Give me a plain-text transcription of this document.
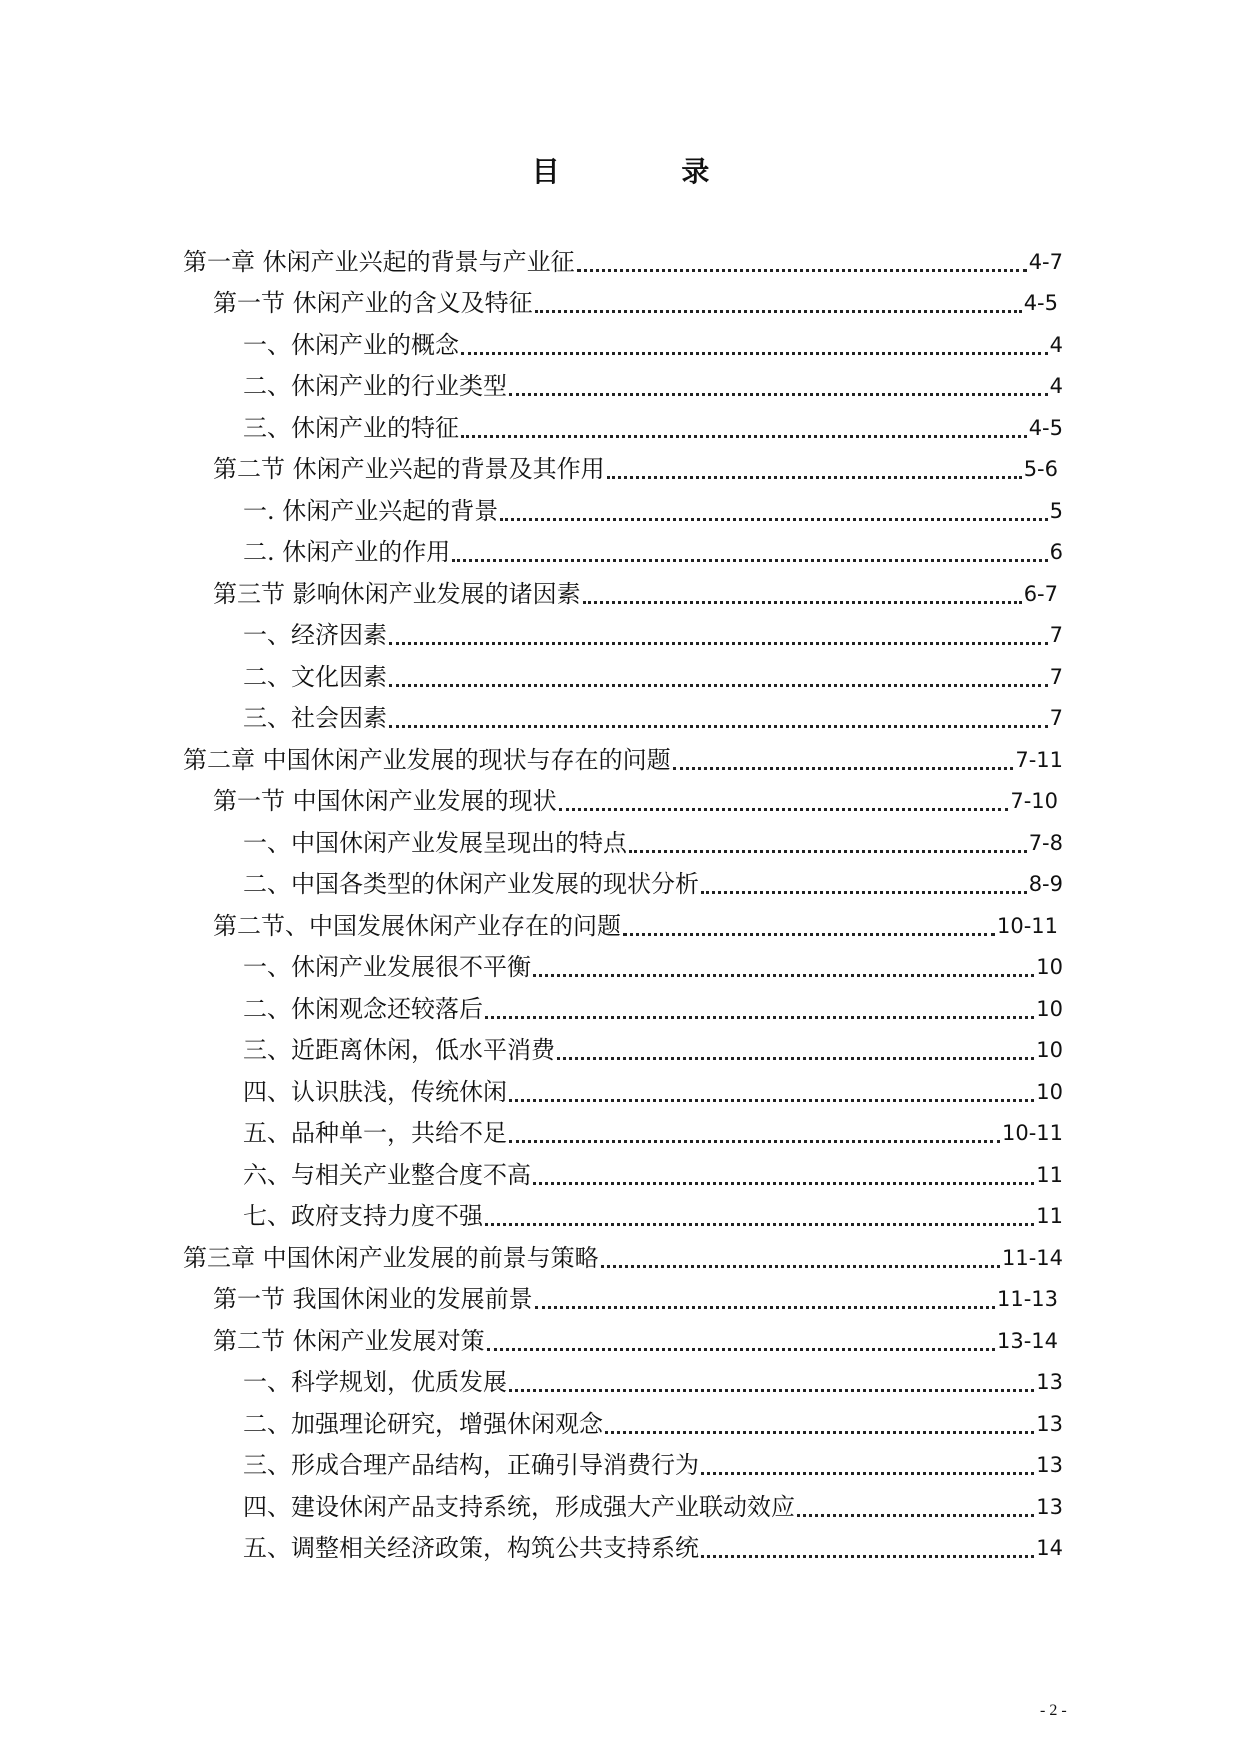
目 录
第一章 休闲产业兴起的背景与产业征	4-7
第一节 休闲产业的含义及特征	4-5
一、休闲产业的概念	4
二、休闲产业的行业类型	4
三、休闲产业的特征	4-5
第二节 休闲产业兴起的背景及其作用	5-6
一. 休闲产业兴起的背景	5
二. 休闲产业的作用	6
第三节 影响休闲产业发展的诸因素	6-7
一、经济因素	7
二、文化因素	7
三、社会因素	7
第二章 中国休闲产业发展的现状与存在的问题	7-11
第一节 中国休闲产业发展的现状	7-10
一、中国休闲产业发展呈现出的特点	7-8
二、中国各类型的休闲产业发展的现状分析	8-9
第二节、中国发展休闲产业存在的问题	10-11
一、休闲产业发展很不平衡	10
二、休闲观念还较落后	10
三、近距离休闲，低水平消费	10
四、认识肤浅，传统休闲	10
五、品种单一，共给不足	10-11
六、与相关产业整合度不高	11
七、政府支持力度不强	11
第三章 中国休闲产业发展的前景与策略	11-14
第一节 我国休闲业的发展前景	11-13
第二节 休闲产业发展对策	13-14
一、科学规划，优质发展	13
二、加强理论研究，增强休闲观念	13
三、形成合理产品结构，正确引导消费行为	13
四、建设休闲产品支持系统，形成强大产业联动效应	13
五、调整相关经济政策，构筑公共支持系统	14
- 2 -
